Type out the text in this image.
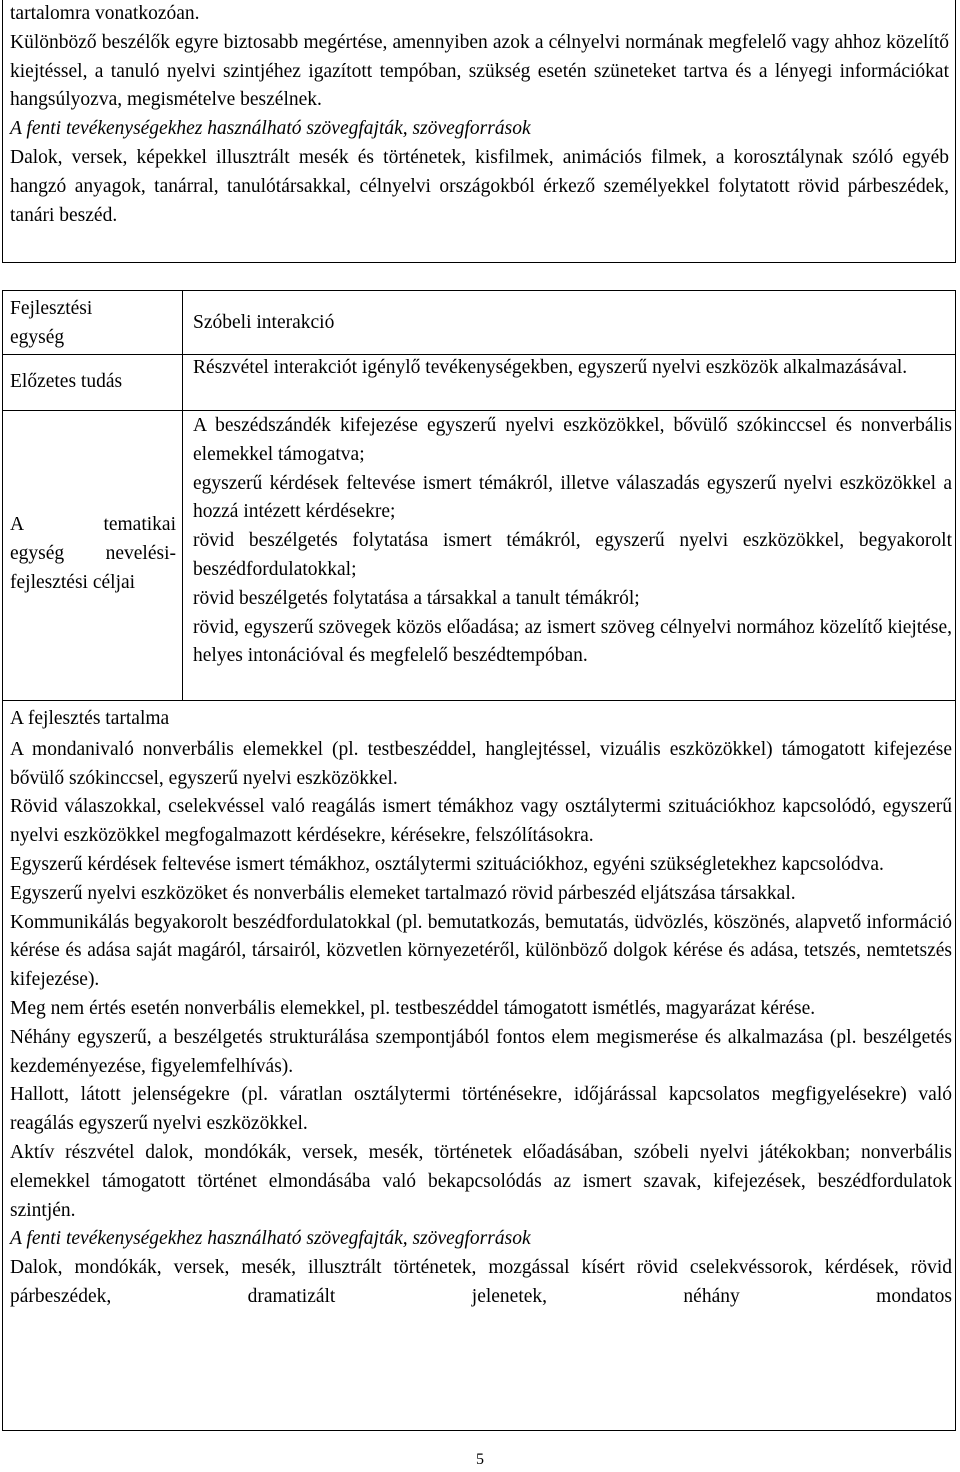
tartalomra vonatkozóan.

Különböző beszélők egyre biztosabb megértése, amennyiben azok a célnyelvi normának megfelelő vagy ahhoz közelítő kiejtéssel, a tanuló nyelvi szintjéhez igazított tempóban, szükség esetén szüneteket tartva és a lényegi információkat hangsúlyozva, megismételve beszélnek.

A fenti tevékenységekhez használható szövegfajták, szövegforrások

Dalok, versek, képekkel illusztrált mesék és történetek, kisfilmek, animációs filmek, a korosztálynak szóló egyéb hangzó anyagok, tanárral, tanulótársakkal, célnyelvi országokból érkező személyekkel folytatott rövid párbeszédek, tanári beszéd.

Fejlesztési egység

Szóbeli interakció

Előzetes tudás

Részvétel interakciót igénylő tevékenységekben, egyszerű nyelvi eszközök alkalmazásával.

A tematikai

egység nevelési-

fejlesztési céljai

A beszédszándék kifejezése egyszerű nyelvi eszközökkel, bővülő szókinccsel és nonverbális elemekkel támogatva;

egyszerű kérdések feltevése ismert témákról, illetve válaszadás egyszerű nyelvi eszközökkel a hozzá intézett kérdésekre;

rövid beszélgetés folytatása ismert témákról, egyszerű nyelvi eszközökkel, begyakorolt beszédfordulatokkal;

rövid beszélgetés folytatása a társakkal a tanult témákról;

rövid, egyszerű szövegek közös előadása; az ismert szöveg célnyelvi normához közelítő kiejtése, helyes intonációval és megfelelő beszédtempóban.

A fejlesztés tartalma

A mondanivaló nonverbális elemekkel (pl. testbeszéddel, hanglejtéssel, vizuális eszközökkel) támogatott kifejezése bővülő szókinccsel, egyszerű nyelvi eszközökkel.

Rövid válaszokkal, cselekvéssel való reagálás ismert témákhoz vagy osztálytermi szituációkhoz kapcsolódó, egyszerű nyelvi eszközökkel megfogalmazott kérdésekre, kérésekre, felszólításokra.

Egyszerű kérdések feltevése ismert témákhoz, osztálytermi szituációkhoz, egyéni szükségletekhez kapcsolódva.

Egyszerű nyelvi eszközöket és nonverbális elemeket tartalmazó rövid párbeszéd eljátszása társakkal.

Kommunikálás begyakorolt beszédfordulatokkal (pl. bemutatkozás, bemutatás, üdvözlés, köszönés, alapvető információ kérése és adása saját magáról, társairól, közvetlen környezetéről, különböző dolgok kérése és adása, tetszés, nemtetszés kifejezése).

Meg nem értés esetén nonverbális elemekkel, pl. testbeszéddel támogatott ismétlés, magyarázat kérése.

Néhány egyszerű, a beszélgetés strukturálása szempontjából fontos elem megismerése és alkalmazása (pl. beszélgetés kezdeményezése, figyelemfelhívás).

Hallott, látott jelenségekre (pl. váratlan osztálytermi történésekre, időjárással kapcsolatos megfigyelésekre) való reagálás egyszerű nyelvi eszközökkel.

Aktív részvétel dalok, mondókák, versek, mesék, történetek előadásában, szóbeli nyelvi játékokban; nonverbális elemekkel támogatott történet elmondásába való bekapcsolódás az ismert szavak, kifejezések, beszédfordulatok szintjén.

A fenti tevékenységekhez használható szövegfajták, szövegforrások

Dalok, mondókák, versek, mesék, illusztrált történetek, mozgással kísért rövid cselekvéssorok, kérdések, rövid párbeszédek, dramatizált jelenetek, néhány mondatos

5
